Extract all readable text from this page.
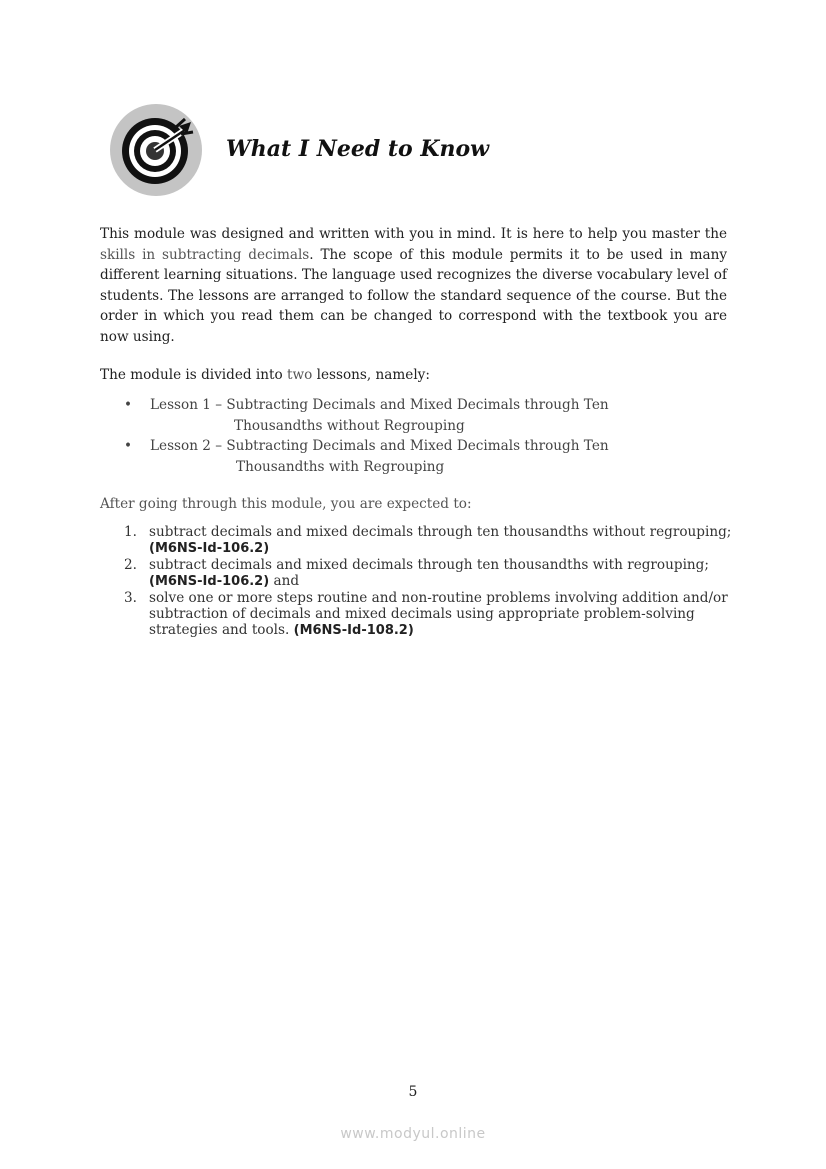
What I Need to Know

This module was designed and written with you in mind. It is here to help you master the skills in subtracting decimals. The scope of this module permits it to be used in many different learning situations. The language used recognizes the diverse vocabulary level of students. The lessons are arranged to follow the standard sequence of the course. But the order in which you read them can be changed to correspond with the textbook you are now using.

The module is divided into two lessons, namely:

• Lesson 1 – Subtracting Decimals and Mixed Decimals through Ten
Thousandths without Regrouping
• Lesson 2 – Subtracting Decimals and Mixed Decimals through Ten
Thousandths with Regrouping

After going through this module, you are expected to:

1. subtract decimals and mixed decimals through ten thousandths without regrouping; (M6NS-Id-106.2)
2. subtract decimals and mixed decimals through ten thousandths with regrouping; (M6NS-Id-106.2) and
3. solve one or more steps routine and non-routine problems involving addition and/or subtraction of decimals and mixed decimals using appropriate problem-solving strategies and tools. (M6NS-Id-108.2)
5
www.modyul.online
